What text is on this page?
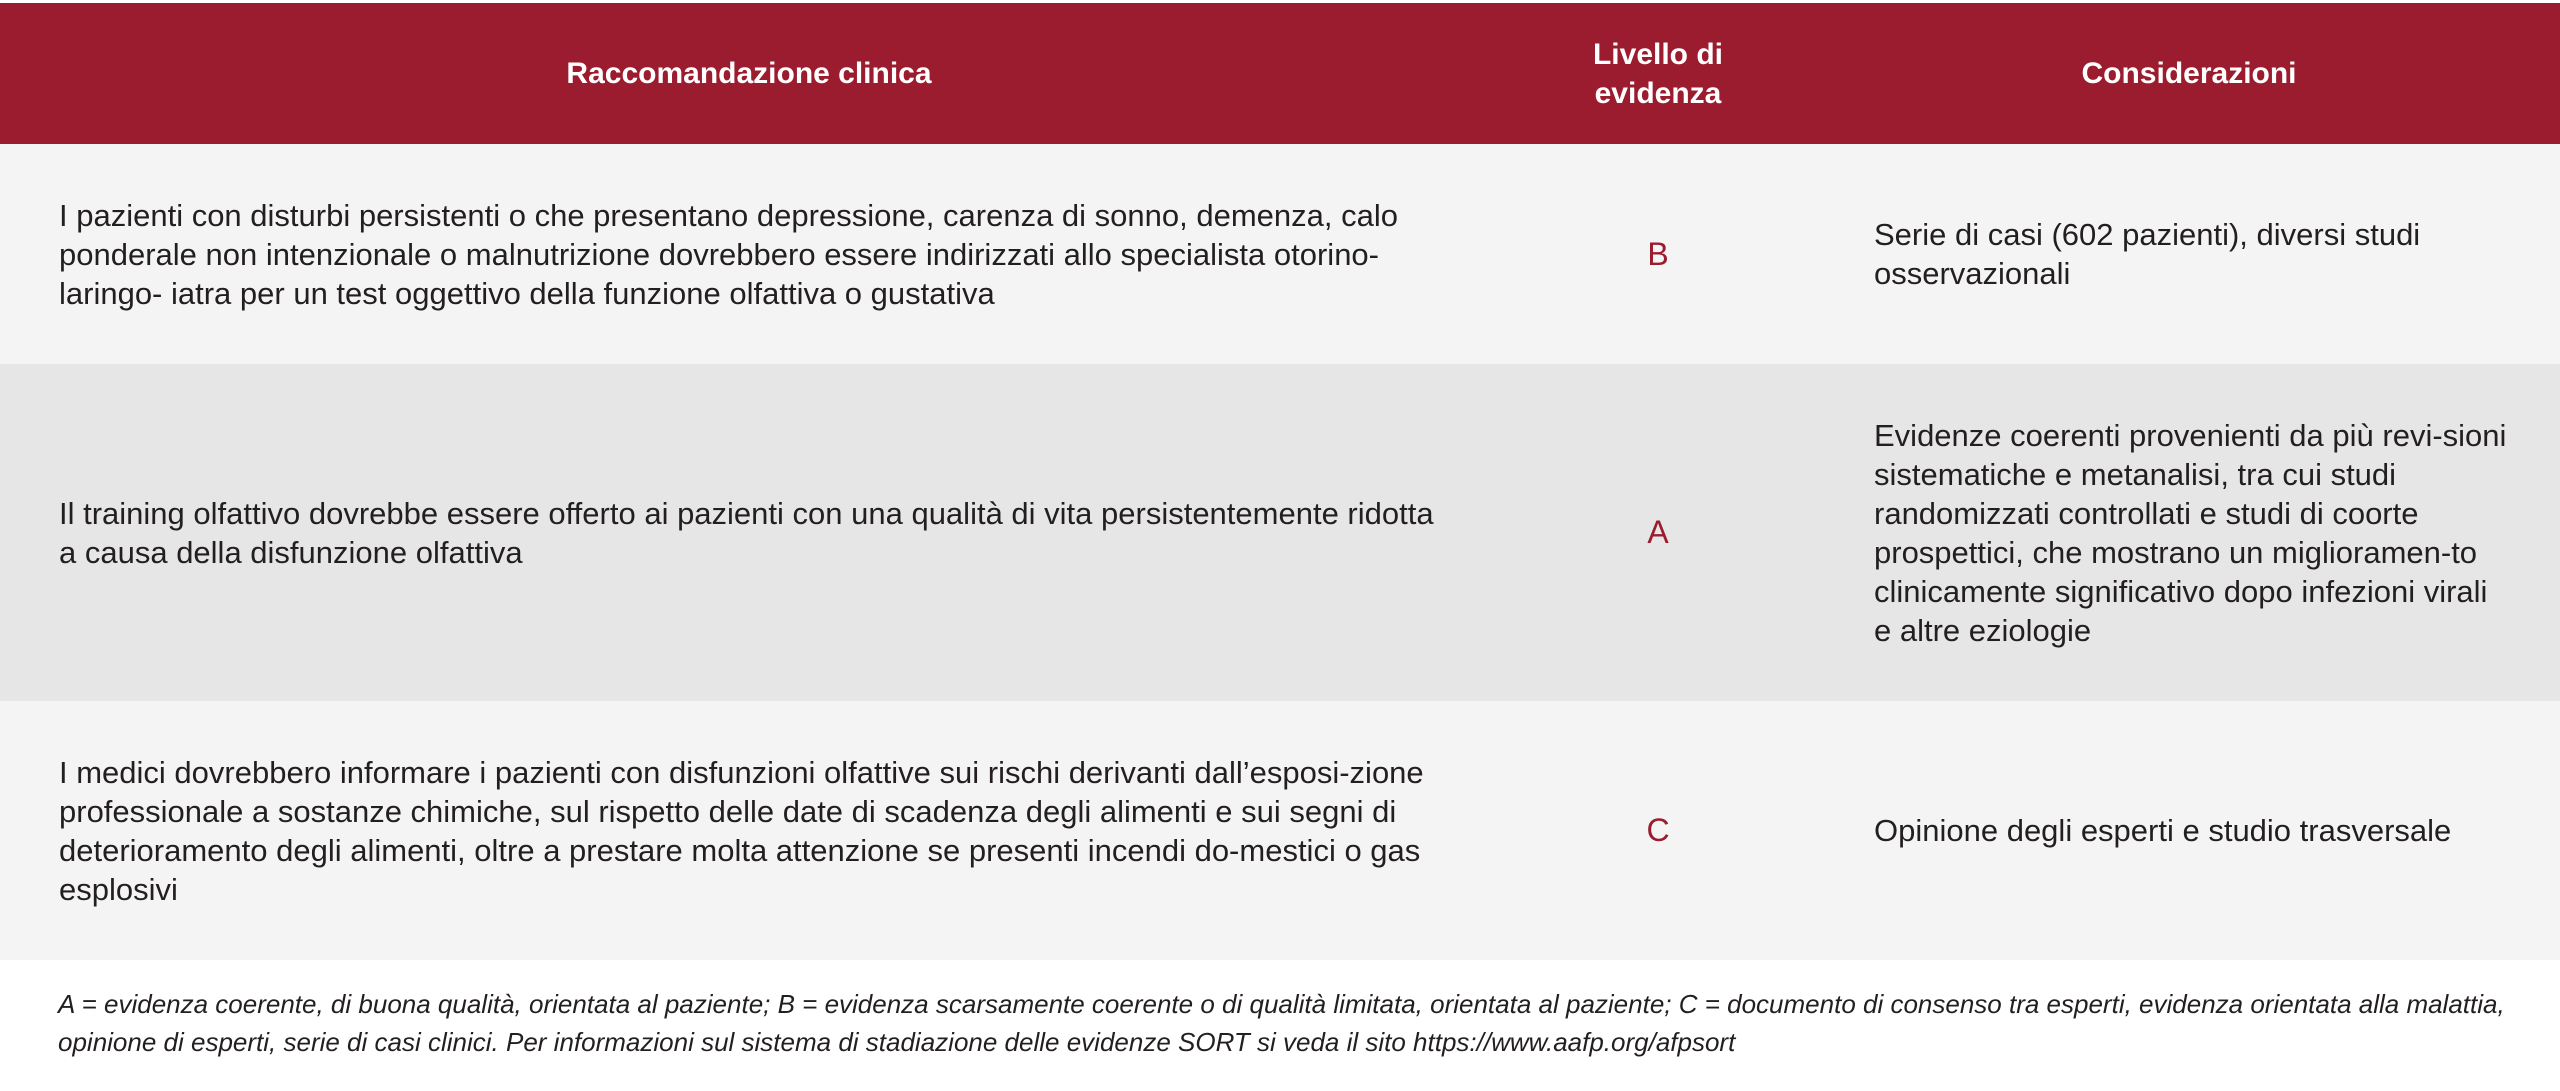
Raccomandazione clinica
Livello di evidenza
Considerazioni
I pazienti con disturbi persistenti o che presentano depressione, carenza di sonno, demenza, calo ponderale non intenzionale o malnutrizione dovrebbero essere indirizzati allo specialista otorino-laringo- iatra per un test oggettivo della funzione olfattiva o gustativa
B
Serie di casi (602 pazienti), diversi studi osservazionali
Il training olfattivo dovrebbe essere offerto ai pazienti con una qualità di vita persistentemente ridotta a causa della disfunzione olfattiva
A
Evidenze coerenti provenienti da più revi-sioni sistematiche e metanalisi, tra cui studi randomizzati controllati e studi di coorte prospettici, che mostrano un miglioramen-to clinicamente significativo dopo infezioni virali e altre eziologie
I medici dovrebbero informare i pazienti con disfunzioni olfattive sui rischi derivanti dall’esposi-zione professionale a sostanze chimiche, sul rispetto delle date di scadenza degli alimenti e sui segni di deterioramento degli alimenti, oltre a prestare molta attenzione se presenti incendi do-mestici o gas esplosivi
C	Opinione degli esperti e studio trasversale
A = evidenza coerente, di buona qualità, orientata al paziente; B = evidenza scarsamente coerente o di qualità limitata, orientata al paziente; C = documento di consenso tra esperti, evidenza orientata alla malattia, opinione di esperti, serie di casi clinici. Per informazioni sul sistema di stadiazione delle evidenze SORT si veda il sito https://www.aafp.org/afpsort
